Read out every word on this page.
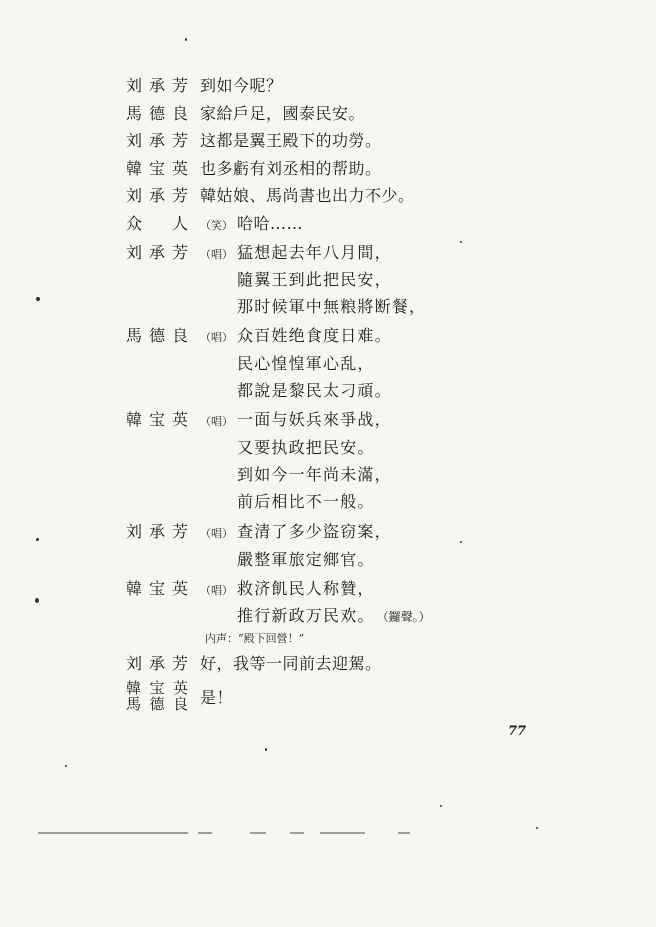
刘承芳 到如今呢？
馬德良 家給戶足，國泰民安。
刘承芳 这都是翼王殿下的功勞。
韓宝英 也多虧有刘丞相的帮助。
刘承芳 韓姑娘、馬尚書也出力不少。
众　人 （笑） 哈哈……
刘承芳 （唱） 猛想起去年八月間，
隨翼王到此把民安，
那时候軍中無粮將断餐，
馬德良 （唱） 众百姓绝食度日难。
民心惶惶軍心乱，
都說是黎民太刁頑。
韓宝英 （唱） 一面与妖兵來爭战，
又要执政把民安。
到如今一年尚未滿，
前后相比不一般。
刘承芳 （唱） 查清了多少盜窃案，
嚴整軍旅定鄉官。
韓宝英 （唱） 救济飢民人称贊，
推行新政万民欢。 （鑼聲。）
内声：“殿下回營！”
刘承芳 好，我等一同前去迎駕。
韓宝英
馬德良 是！
77
